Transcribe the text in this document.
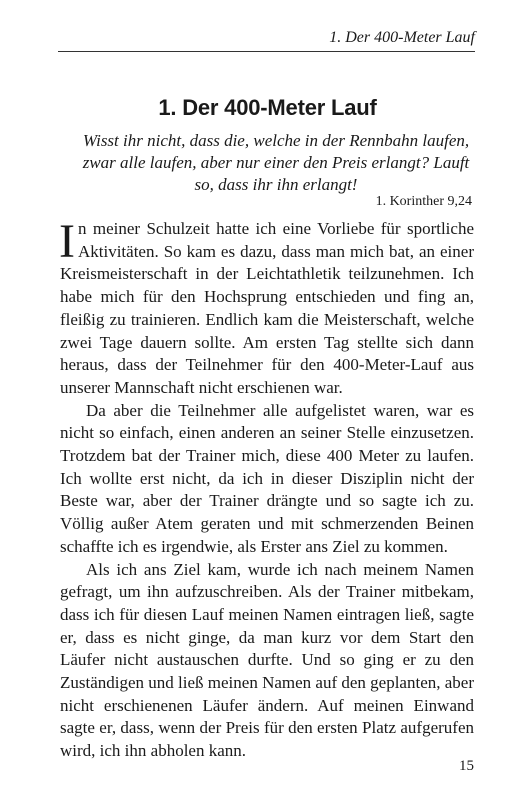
1. Der 400-Meter Lauf
1. Der 400-Meter Lauf
Wisst ihr nicht, dass die, welche in der Rennbahn laufen, zwar alle laufen, aber nur einer den Preis erlangt? Lauft so, dass ihr ihn erlangt!
1. Korinther 9,24

In meiner Schulzeit hatte ich eine Vorliebe für sportliche Aktivitäten. So kam es dazu, dass man mich bat, an einer Kreismeisterschaft in der Leichtathletik teilzunehmen. Ich habe mich für den Hochsprung entschieden und fing an, fleißig zu trainieren. Endlich kam die Meisterschaft, welche zwei Tage dauern sollte. Am ersten Tag stellte sich dann heraus, dass der Teilnehmer für den 400-Meter-Lauf aus unserer Mannschaft nicht erschienen war.

Da aber die Teilnehmer alle aufgelistet waren, war es nicht so einfach, einen anderen an seiner Stelle einzusetzen. Trotzdem bat der Trainer mich, diese 400 Meter zu laufen. Ich wollte erst nicht, da ich in dieser Disziplin nicht der Beste war, aber der Trainer drängte und so sagte ich zu. Völlig außer Atem geraten und mit schmerzenden Beinen schaffte ich es irgendwie, als Erster ans Ziel zu kommen.

Als ich ans Ziel kam, wurde ich nach meinem Namen gefragt, um ihn aufzuschreiben. Als der Trainer mitbekam, dass ich für diesen Lauf meinen Namen eintragen ließ, sagte er, dass es nicht ginge, da man kurz vor dem Start den Läufer nicht austauschen durfte. Und so ging er zu den Zuständigen und ließ meinen Namen auf den geplanten, aber nicht erschienenen Läufer ändern. Auf meinen Einwand sagte er, dass, wenn der Preis für den ersten Platz aufgerufen wird, ich ihn abholen kann.

15
